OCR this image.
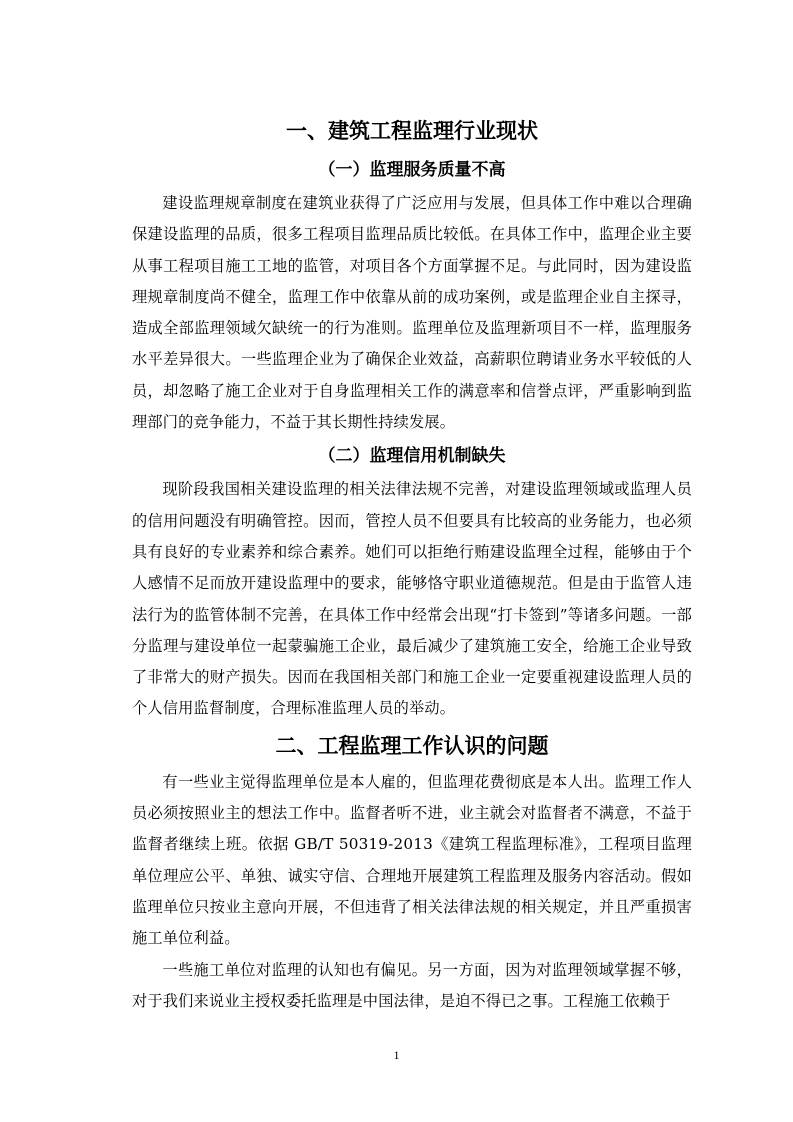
一、建筑工程监理行业现状
（一）监理服务质量不高

建设监理规章制度在建筑业获得了广泛应用与发展，但具体工作中难以合理确保建设监理的品质，很多工程项目监理品质比较低。在具体工作中，监理企业主要从事工程项目施工工地的监管，对项目各个方面掌握不足。与此同时，因为建设监理规章制度尚不健全，监理工作中依靠从前的成功案例，或是监理企业自主探寻，造成全部监理领域欠缺统一的行为准则。监理单位及监理新项目不一样，监理服务水平差异很大。一些监理企业为了确保企业效益，高薪职位聘请业务水平较低的人员，却忽略了施工企业对于自身监理相关工作的满意率和信誉点评，严重影响到监理部门的竞争能力，不益于其长期性持续发展。

（二）监理信用机制缺失

现阶段我国相关建设监理的相关法律法规不完善，对建设监理领域或监理人员的信用问题没有明确管控。因而，管控人员不但要具有比较高的业务能力，也必须具有良好的专业素养和综合素养。她们可以拒绝行贿建设监理全过程，能够由于个人感情不足而放开建设监理中的要求，能够恪守职业道德规范。但是由于监管人违法行为的监管体制不完善，在具体工作中经常会出现“打卡签到”等诸多问题。一部分监理与建设单位一起蒙骗施工企业，最后减少了建筑施工安全，给施工企业导致了非常大的财产损失。因而在我国相关部门和施工企业一定要重视建设监理人员的个人信用监督制度，合理标准监理人员的举动。

二、工程监理工作认识的问题

有一些业主觉得监理单位是本人雇的，但监理花费彻底是本人出。监理工作人员必须按照业主的想法工作中。监督者听不进，业主就会对监督者不满意，不益于监督者继续上班。依据 GB/T 50319-2013《建筑工程监理标准》，工程项目监理单位理应公平、单独、诚实守信、合理地开展建筑工程监理及服务内容活动。假如监理单位只按业主意向开展，不但违背了相关法律法规的相关规定，并且严重损害施工单位利益。

一些施工单位对监理的认知也有偏见。另一方面，因为对监理领域掌握不够，对于我们来说业主授权委托监理是中国法律，是迫不得已之事。工程施工依赖于

1
